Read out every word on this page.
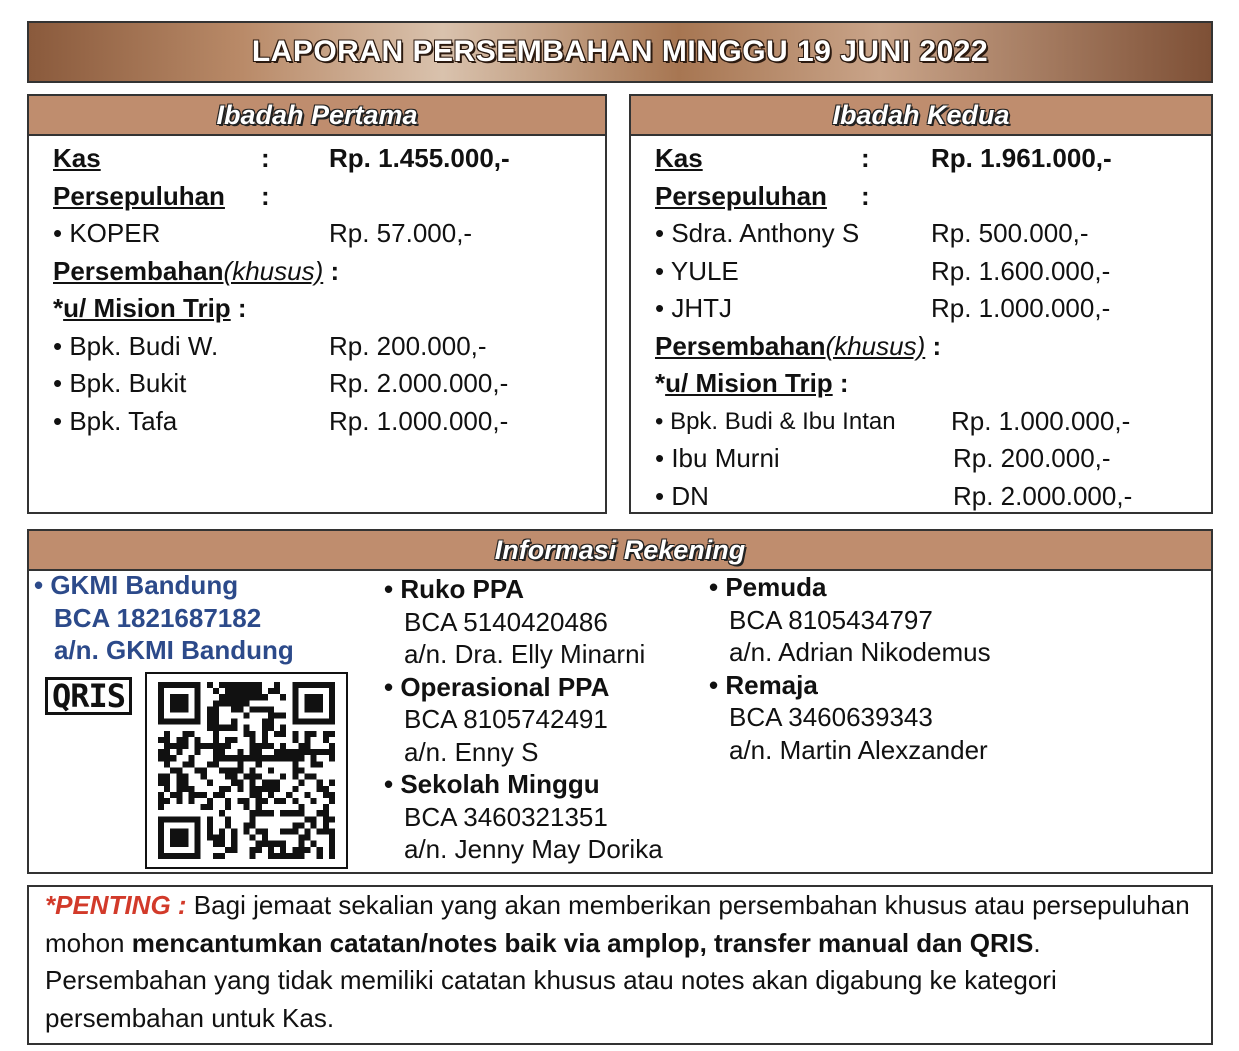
LAPORAN PERSEMBAHAN MINGGU 19 JUNI 2022
Ibadah Pertama
Kas	: Rp. 1.455.000,-
Persepuluhan :
• KOPER	Rp. 57.000,-
Persembahan(khusus) :
*u/ Mision Trip :
• Bpk. Budi W.	Rp. 200.000,-
• Bpk. Bukit	Rp. 2.000.000,-
• Bpk. Tafa	Rp. 1.000.000,-
Ibadah Kedua
Kas	: Rp. 1.961.000,-
Persepuluhan :
• Sdra. Anthony S	Rp. 500.000,-
• YULE	Rp. 1.600.000,-
• JHTJ	Rp. 1.000.000,-
Persembahan(khusus) :
*u/ Mision Trip :
• Bpk. Budi & Ibu Intan Rp. 1.000.000,-
• Ibu Murni	Rp. 200.000,-
• DN	Rp. 2.000.000,-
Informasi Rekening
• GKMI Bandung
BCA 1821687182
a/n. GKMI Bandung
QRIS
• Ruko PPA
BCA 5140420486
a/n. Dra. Elly Minarni
• Operasional PPA
BCA 8105742491
a/n. Enny S
• Sekolah Minggu
BCA 3460321351
a/n. Jenny May Dorika
• Pemuda
BCA 8105434797
a/n. Adrian Nikodemus
• Remaja
BCA 3460639343
a/n. Martin Alexzander

*PENTING : Bagi jemaat sekalian yang akan memberikan persembahan khusus atau persepuluhan mohon mencantumkan catatan/notes baik via amplop, transfer manual dan QRIS. Persembahan yang tidak memiliki catatan khusus atau notes akan digabung ke kategori persembahan untuk Kas.
